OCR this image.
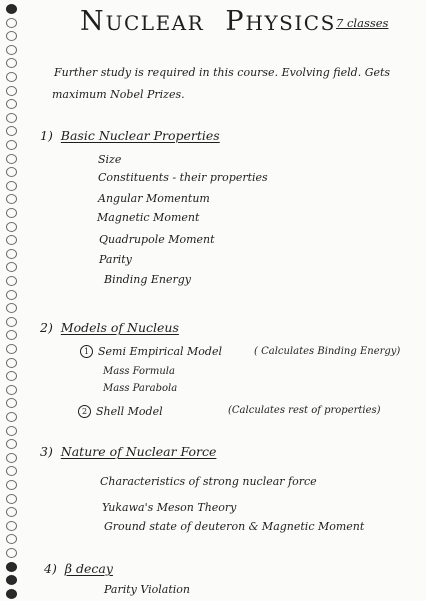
NUCLEAR PHYSICS 7 classes
Further study is required in this course. Evolving field. Gets
maximum Nobel Prizes.
1) Basic Nuclear Properties
Size
Constituents - their properties
Angular Momentum
Magnetic Moment
Quadrupole Moment
Parity
Binding Energy
2) Models of Nucleus
1 Semi Empirical Model	( Calculates Binding Energy)
Mass Formula
Mass Parabola
2 Shell Model	(Calculates rest of properties)
3) Nature of Nuclear Force
Characteristics of strong nuclear force
Yukawa's Meson Theory
Ground state of deuteron & Magnetic Moment
4) β decay
Parity Violation
